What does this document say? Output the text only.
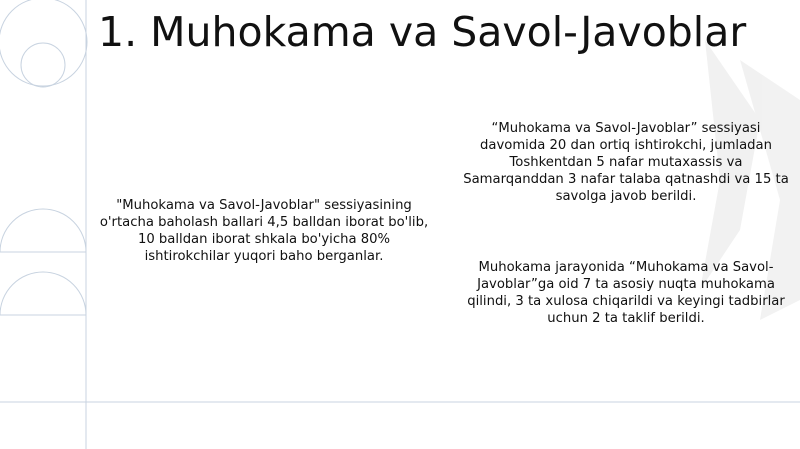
1. Muhokama va Savol-Javoblar

"Muhokama va Savol-Javoblar" sessiyasining o'rtacha baholash ballari 4,5 balldan iborat bo'lib, 10 balldan iborat shkala bo'yicha 80% ishtirokchilar yuqori baho berganlar.

“Muhokama va Savol-Javoblar” sessiyasi davomida 20 dan ortiq ishtirokchi, jumladan Toshkentdan 5 nafar mutaxassis va Samarqanddan 3 nafar talaba qatnashdi va 15 ta savolga javob berildi.

Muhokama jarayonida “Muhokama va Savol-Javoblar”ga oid 7 ta asosiy nuqta muhokama qilindi, 3 ta xulosa chiqarildi va keyingi tadbirlar uchun 2 ta taklif berildi.
